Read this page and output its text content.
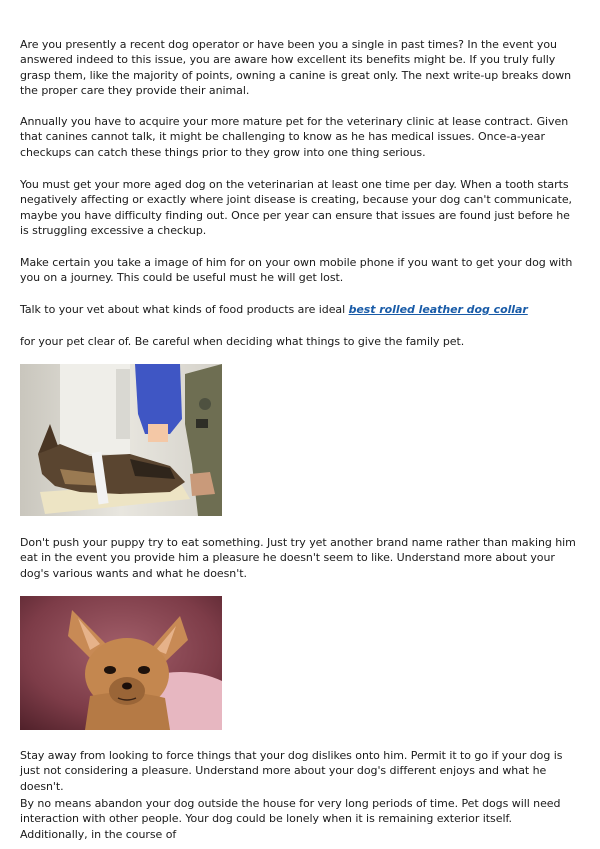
Are you presently a recent dog operator or have been you a single in past times? In the event you answered indeed to this issue, you are aware how excellent its benefits might be. If you truly fully grasp them, like the majority of points, owning a canine is great only. The next write-up breaks down the proper care they provide their animal.

Annually you have to acquire your more mature pet for the veterinary clinic at lease contract. Given that canines cannot talk, it might be challenging to know as he has medical issues. Once-a-year checkups can catch these things prior to they grow into one thing serious.

You must get your more aged dog on the veterinarian at least one time per day. When a tooth starts negatively affecting or exactly where joint disease is creating, because your dog can't communicate, maybe you have difficulty finding out. Once per year can ensure that issues are found just before he is struggling excessive a checkup.

Make certain you take a image of him for on your own mobile phone if you want to get your dog with you on a journey. This could be useful must he will get lost.

Talk to your vet about what kinds of food products are ideal best rolled leather dog collar

for your pet clear of. Be careful when deciding what things to give the family pet.

Don't push your puppy try to eat something. Just try yet another brand name rather than making him eat in the event you provide him a pleasure he doesn't seem to like. Understand more about your dog's various wants and what he doesn't.

Stay away from looking to force things that your dog dislikes onto him. Permit it to go if your dog is just not considering a pleasure. Understand more about your dog's different enjoys and what he doesn't.

By no means abandon your dog outside the house for very long periods of time. Pet dogs will need interaction with other people. Your dog could be lonely when it is remaining exterior itself. Additionally, in the course of
